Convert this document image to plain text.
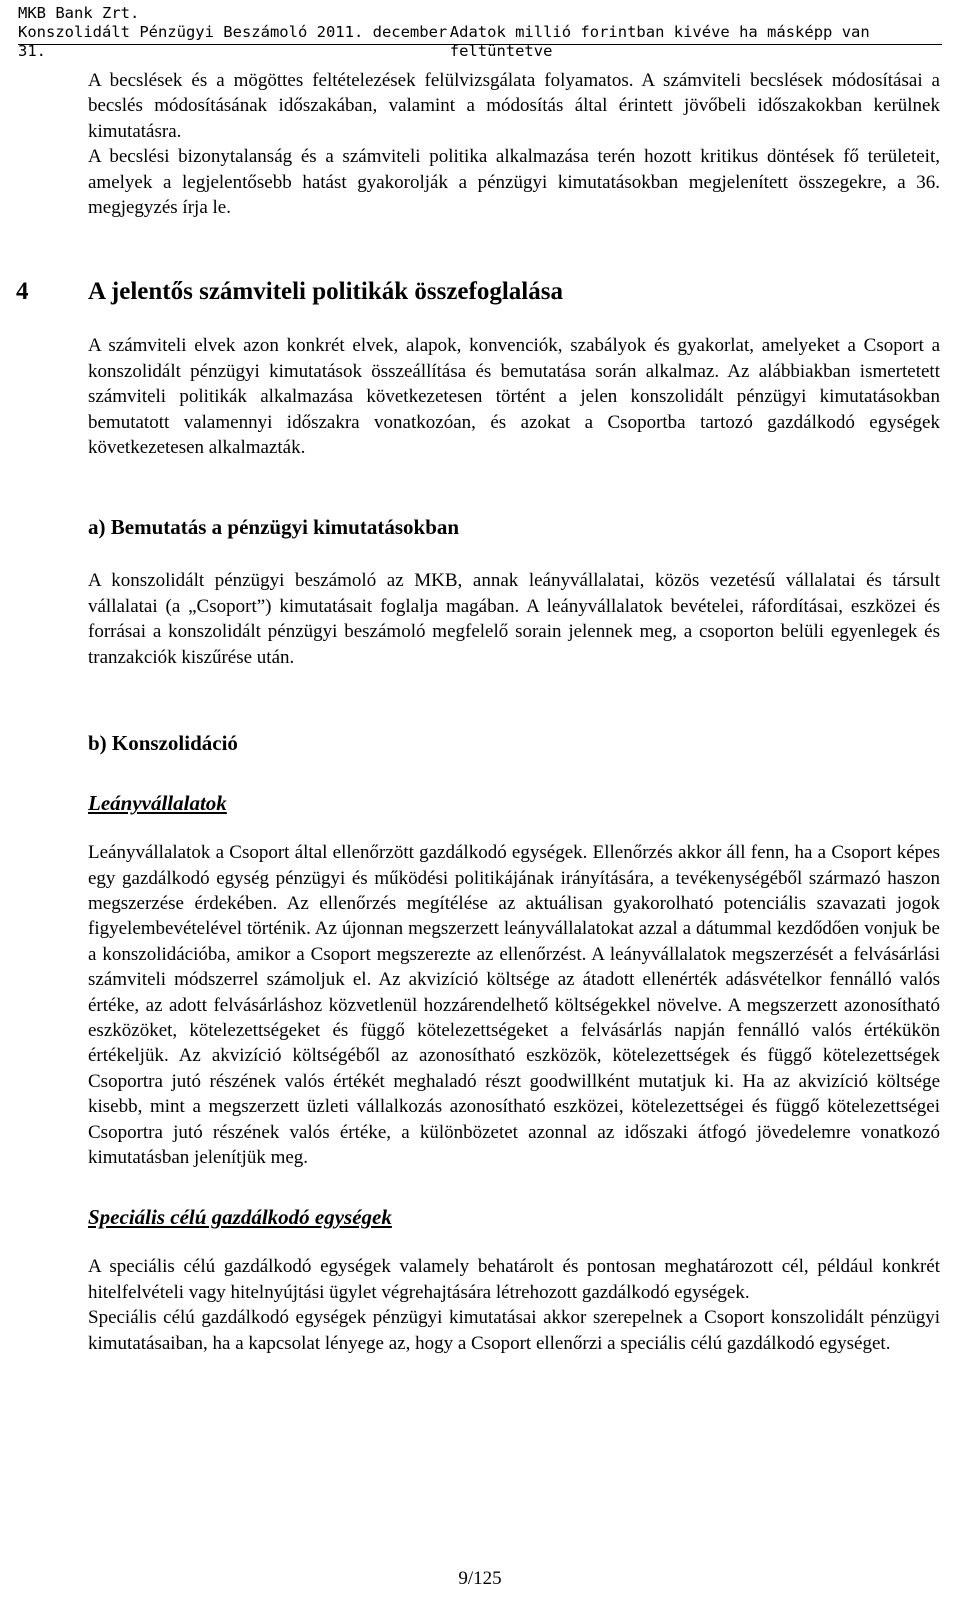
MKB Bank Zrt.
Konszolidált Pénzügyi Beszámoló 2011. december 31.
Adatok millió forintban kivéve ha másképp van feltüntetve

A becslések és a mögöttes feltételezések felülvizsgálata folyamatos. A számviteli becslések módosításai a becslés módosításának időszakában, valamint a módosítás által érintett jövőbeli időszakokban kerülnek kimutatásra.

A becslési bizonytalanság és a számviteli politika alkalmazása terén hozott kritikus döntések fő területeit, amelyek a legjelentősebb hatást gyakorolják a pénzügyi kimutatásokban megjelenített összegekre, a 36. megjegyzés írja le.

4 A jelentős számviteli politikák összefoglalása

A számviteli elvek azon konkrét elvek, alapok, konvenciók, szabályok és gyakorlat, amelyeket a Csoport a konszolidált pénzügyi kimutatások összeállítása és bemutatása során alkalmaz. Az alábbiakban ismertetett számviteli politikák alkalmazása következetesen történt a jelen konszolidált pénzügyi kimutatásokban bemutatott valamennyi időszakra vonatkozóan, és azokat a Csoportba tartozó gazdálkodó egységek következetesen alkalmazták.

a) Bemutatás a pénzügyi kimutatásokban

A konszolidált pénzügyi beszámoló az MKB, annak leányvállalatai, közös vezetésű vállalatai és társult vállalatai (a „Csoport”) kimutatásait foglalja magában. A leányvállalatok bevételei, ráfordításai, eszközei és forrásai a konszolidált pénzügyi beszámoló megfelelő sorain jelennek meg, a csoporton belüli egyenlegek és tranzakciók kiszűrése után.

b) Konszolidáció
Leányvállalatok

Leányvállalatok a Csoport által ellenőrzött gazdálkodó egységek. Ellenőrzés akkor áll fenn, ha a Csoport képes egy gazdálkodó egység pénzügyi és működési politikájának irányítására, a tevékenységéből származó haszon megszerzése érdekében. Az ellenőrzés megítélése az aktuálisan gyakorolható potenciális szavazati jogok figyelembevételével történik. Az újonnan megszerzett leányvállalatokat azzal a dátummal kezdődően vonjuk be a konszolidációba, amikor a Csoport megszerezte az ellenőrzést. A leányvállalatok megszerzését a felvásárlási számviteli módszerrel számoljuk el. Az akvizíció költsége az átadott ellenérték adásvételkor fennálló valós értéke, az adott felvásárláshoz közvetlenül hozzárendelhető költségekkel növelve. A megszerzett azonosítható eszközöket, kötelezettségeket és függő kötelezettségeket a felvásárlás napján fennálló valós értékükön értékeljük. Az akvizíció költségéből az azonosítható eszközök, kötelezettségek és függő kötelezettségek Csoportra jutó részének valós értékét meghaladó részt goodwillként mutatjuk ki. Ha az akvizíció költsége kisebb, mint a megszerzett üzleti vállalkozás azonosítható eszközei, kötelezettségei és függő kötelezettségei Csoportra jutó részének valós értéke, a különbözetet azonnal az időszaki átfogó jövedelemre vonatkozó kimutatásban jelenítjük meg.

Speciális célú gazdálkodó egységek

A speciális célú gazdálkodó egységek valamely behatárolt és pontosan meghatározott cél, például konkrét hitelfelvételi vagy hitelnyújtási ügylet végrehajtására létrehozott gazdálkodó egységek.

Speciális célú gazdálkodó egységek pénzügyi kimutatásai akkor szerepelnek a Csoport konszolidált pénzügyi kimutatásaiban, ha a kapcsolat lényege az, hogy a Csoport ellenőrzi a speciális célú gazdálkodó egységet.

9/125
